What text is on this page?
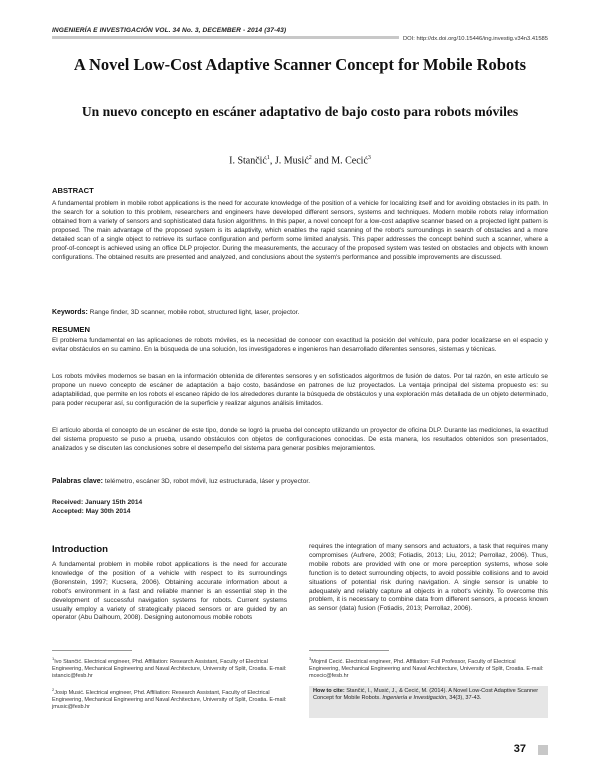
INGENIERÍA E INVESTIGACIÓN VOL. 34 No. 3, DECEMBER - 2014 (37-43)
DOI: http://dx.doi.org/10.15446/ing.investig.v34n3.41585
A Novel Low-Cost Adaptive Scanner Concept for Mobile Robots
Un nuevo concepto en escáner adaptativo de bajo costo para robots móviles
I. Stančić$^1$, J. Musić$^2$ and M. Cecić$^3$
ABSTRACT
A fundamental problem in mobile robot applications is the need for accurate knowledge of the position of a vehicle for localizing itself and for avoiding obstacles in its path. In the search for a solution to this problem, researchers and engineers have developed different sensors, systems and techniques. Modern mobile robots relay information obtained from a variety of sensors and sophisticated data fusion algorithms. In this paper, a novel concept for a low-cost adaptive scanner based on a projected light pattern is proposed. The main advantage of the proposed system is its adaptivity, which enables the rapid scanning of the robot's surroundings in search of obstacles and a more detailed scan of a single object to retrieve its surface configuration and perform some limited analysis. This paper addresses the concept behind such a scanner, where a proof-of-concept is achieved using an office DLP projector. During the measurements, the accuracy of the proposed system was tested on obstacles and objects with known configurations. The obtained results are presented and analyzed, and conclusions about the system's performance and possible improvements are discussed.
Keywords: Range finder, 3D scanner, mobile robot, structured light, laser, projector.
RESUMEN
El problema fundamental en las aplicaciones de robots móviles, es la necesidad de conocer con exactitud la posición del vehículo, para poder localizarse en el espacio y evitar obstáculos en su camino. En la búsqueda de una solución, los investigadores e ingenieros han desarrollado diferentes sensores, sistemas y técnicas.
Los robots móviles modernos se basan en la información obtenida de diferentes sensores y en sofisticados algoritmos de fusión de datos. Por tal razón, en este artículo se propone un nuevo concepto de escáner de adaptación a bajo costo, basándose en patrones de luz proyectados. La ventaja principal del sistema propuesto es: su adaptabilidad, que permite en los robots el escaneo rápido de los alrededores durante la búsqueda de obstáculos y una exploración más detallada de un objeto determinado, para poder recuperar así, su configuración de la superficie y realizar algunos análisis limitados.
El artículo aborda el concepto de un escáner de este tipo, donde se logró la prueba del concepto utilizando un proyector de oficina DLP. Durante las mediciones, la exactitud del sistema propuesto se puso a prueba, usando obstáculos con objetos de configuraciones conocidas. De esta manera, los resultados obtenidos son presentados, analizados y se discuten las conclusiones sobre el desempeño del sistema para generar posibles mejoramientos.
Palabras clave: telémetro, escáner 3D, robot móvil, luz estructurada, láser y proyector.
Received: January 15th 2014
Accepted: May 30th 2014
Introduction
A fundamental problem in mobile robot applications is the need for accurate knowledge of the position of a vehicle with respect to its surroundings (Borenstein, 1997; Kucsera, 2006). Obtaining accurate information about a robot's environment in a fast and reliable manner is an essential step in the development of successful navigation systems for robots. Current systems usually employ a variety of strategically placed sensors or are guided by an operator (Abu Dalhoum, 2008). Designing autonomous mobile robots
requires the integration of many sensors and actuators, a task that requires many compromises (Aufrere, 2003; Fotiadis, 2013; Liu, 2012; Perrollaz, 2006). Thus, mobile robots are provided with one or more perception systems, whose sole function is to detect surrounding objects, to avoid possible collisions and to avoid situations of potential risk during navigation. A single sensor is unable to adequately and reliably capture all objects in a robot's vicinity. To overcome this problem, it is necessary to combine data from different sensors, a process known as sensor (data) fusion (Fotiadis, 2013; Perrollaz, 2006).
$^1$Ivo Stančić. Electrical engineer, Phd. Affiliation: Research Assistant, Faculty of Electrical Engineering, Mechanical Engineering and Naval Architecture, University of Split, Croatia. E-mail: istancic@fesb.hr
$^2$Josip Musić. Electrical engineer, Phd. Affiliation: Research Assistant, Faculty of Electrical Engineering, Mechanical Engineering and Naval Architecture, University of Split, Croatia. E-mail: jmusic@fesb.hr
$^3$Mojmil Cecić. Electrical engineer, Phd. Affiliation: Full Professor, Faculty of Electrical Engineering, Mechanical Engineering and Naval Architecture, University of Split, Croatia. E-mail: mcecic@fesb.hr
How to cite: Stančić, I., Musić, J., & Cecić, M. (2014). A Novel Low-Cost Adaptive Scanner Concept for Mobile Robots. Ingeniería e Investigación, 34(3), 37-43.
37
